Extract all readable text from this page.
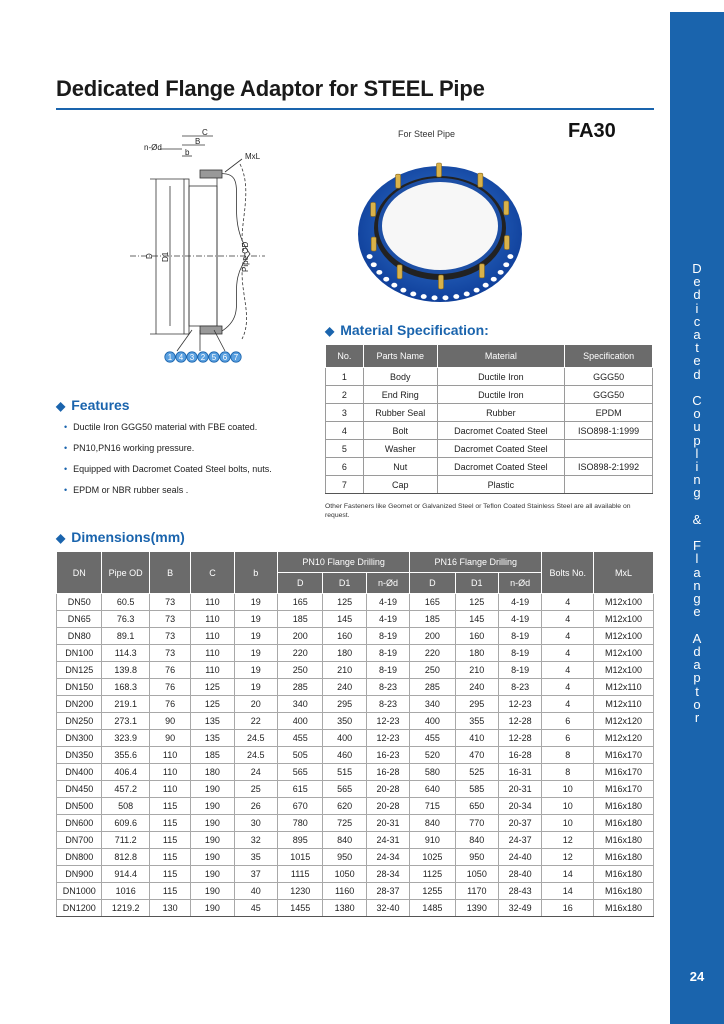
D
e
d
i
c
a
t
e
d

C
o
u
p
l
i
n
g

&

F
l
a
n
g
e

A
d
a
p
t
o
r
24
Dedicated Flange Adaptor for STEEL Pipe
FA30
For Steel Pipe
n-Ød
C
B
b	MxL
D D1	Pipe OD
1 4 3 2 5 6 7
◆ Material Specification:
No.	Parts Name	Material	Specification
1	Body	Ductile Iron	GGG50
2	End Ring	Ductile Iron	GGG50
3	Rubber Seal	Rubber	EPDM
4	Bolt	Dacromet Coated Steel	ISO898-1:1999
5	Washer	Dacromet Coated Steel	
6	Nut	Dacromet Coated Steel	ISO898-2:1992
7	Cap	Plastic	
Other Fasteners like Geomet or Galvanized Steel or Teflon Coated Stainless Steel are all available on request.
◆ Features
• Ductile Iron GGG50 material with FBE coated.
• PN10,PN16 working pressure.
• Equipped with Dacromet Coated Steel bolts, nuts.
• EPDM or NBR rubber seals .
◆ Dimensions(mm)
DN	Pipe OD	B	C	b	PN10 Flange Drilling			PN16 Flange Drilling			Bolts No.	MxL
					D	D1	n-Ød	D	D1	n-Ød		
DN50	60.5	73	110	19	165	125	4-19	165	125	4-19	4	M12x100
DN65	76.3	73	110	19	185	145	4-19	185	145	4-19	4	M12x100
DN80	89.1	73	110	19	200	160	8-19	200	160	8-19	4	M12x100
DN100	114.3	73	110	19	220	180	8-19	220	180	8-19	4	M12x100
DN125	139.8	76	110	19	250	210	8-19	250	210	8-19	4	M12x100
DN150	168.3	76	125	19	285	240	8-23	285	240	8-23	4	M12x110
DN200	219.1	76	125	20	340	295	8-23	340	295	12-23	4	M12x110
DN250	273.1	90	135	22	400	350	12-23	400	355	12-28	6	M12x120
DN300	323.9	90	135	24.5	455	400	12-23	455	410	12-28	6	M12x120
DN350	355.6	110	185	24.5	505	460	16-23	520	470	16-28	8	M16x170
DN400	406.4	110	180	24	565	515	16-28	580	525	16-31	8	M16x170
DN450	457.2	110	190	25	615	565	20-28	640	585	20-31	10	M16x170
DN500	508	115	190	26	670	620	20-28	715	650	20-34	10	M16x180
DN600	609.6	115	190	30	780	725	20-31	840	770	20-37	10	M16x180
DN700	711.2	115	190	32	895	840	24-31	910	840	24-37	12	M16x180
DN800	812.8	115	190	35	1015	950	24-34	1025	950	24-40	12	M16x180
DN900	914.4	115	190	37	1115	1050	28-34	1125	1050	28-40	14	M16x180
DN1000	1016	115	190	40	1230	1160	28-37	1255	1170	28-43	14	M16x180
DN1200	1219.2	130	190	45	1455	1380	32-40	1485	1390	32-49	16	M16x180
